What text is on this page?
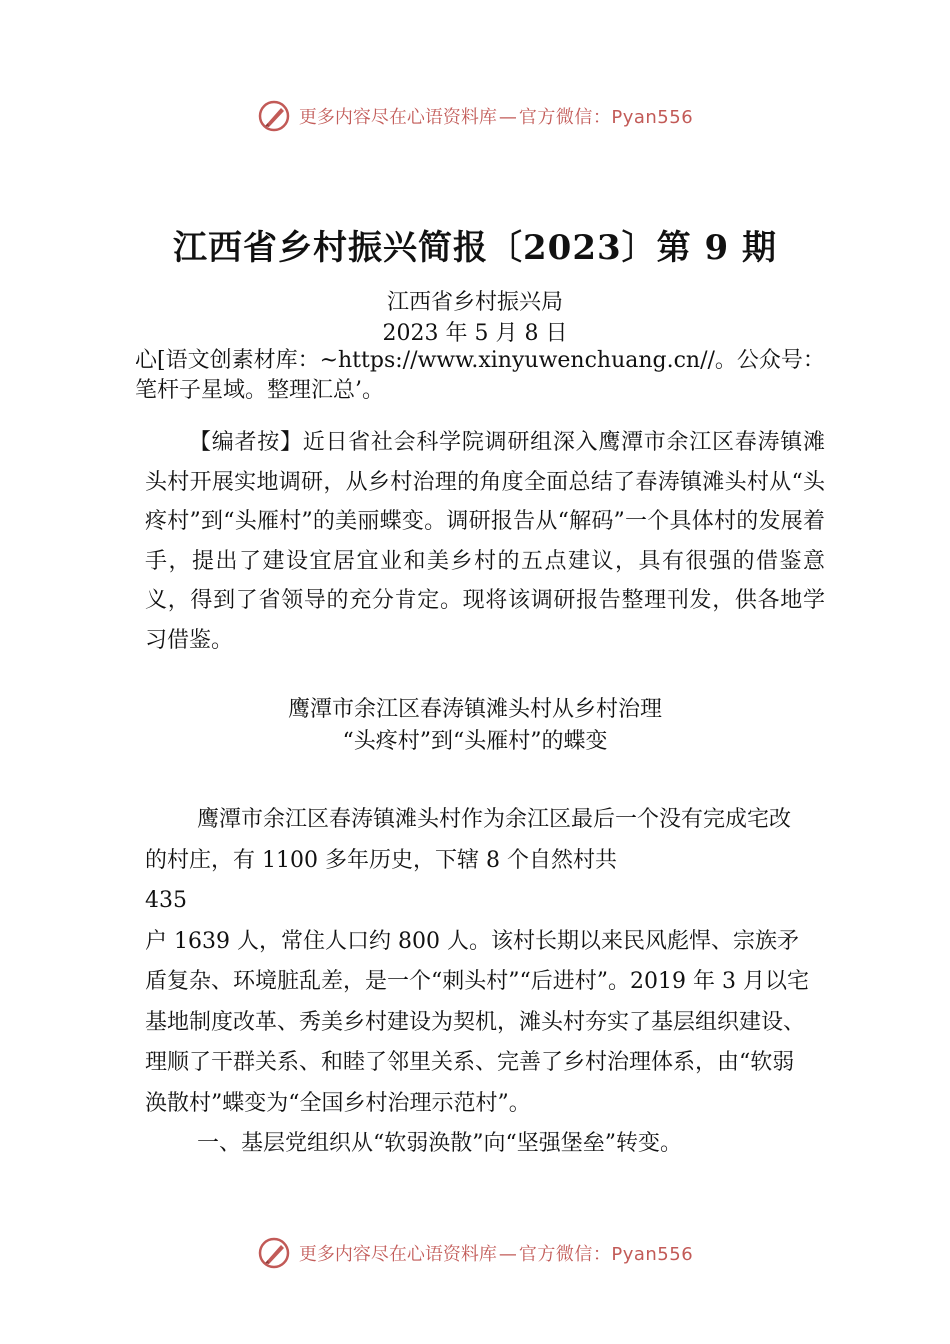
更多内容尽在心语资料库 — 官方微信：Pyan556
江西省乡村振兴简报〔2023〕第 9 期
江西省乡村振兴局
2023 年 5 月 8 日
心[语文创素材库：~https://www.xinyuwenchuang.cn//。公众号：笔杆子星域。整理汇总’。
【编者按】近日省社会科学院调研组深入鹰潭市余江区春涛镇滩头村开展实地调研，从乡村治理的角度全面总结了春涛镇滩头村从“头疼村”到“头雁村”的美丽蝶变。调研报告从“解码”一个具体村的发展着手，提出了建设宜居宜业和美乡村的五点建议，具有很强的借鉴意义，得到了省领导的充分肯定。现将该调研报告整理刊发，供各地学习借鉴。
鹰潭市余江区春涛镇滩头村从乡村治理
“头疼村”到“头雁村”的蝶变

鹰潭市余江区春涛镇滩头村作为余江区最后一个没有完成宅改的村庄，有 1100 多年历史，下辖 8 个自然村共

435

户 1639 人，常住人口约 800 人。该村长期以来民风彪悍、宗族矛盾复杂、环境脏乱差，是一个“刺头村”“后进村”。2019 年 3 月以宅基地制度改革、秀美乡村建设为契机，滩头村夯实了基层组织建设、理顺了干群关系、和睦了邻里关系、完善了乡村治理体系，由“软弱涣散村”蝶变为“全国乡村治理示范村”。

一、基层党组织从“软弱涣散”向“坚强堡垒”转变。

更多内容尽在心语资料库 — 官方微信：Pyan556
